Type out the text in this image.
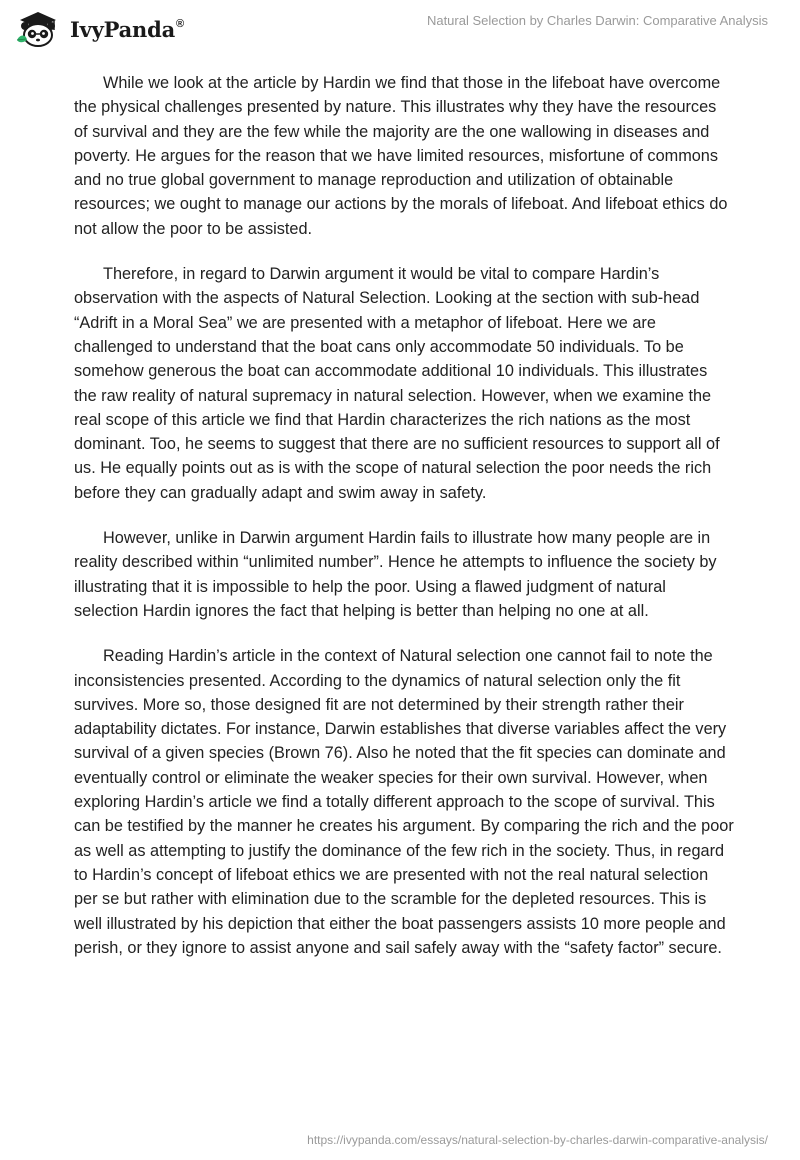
IvyPanda®	Natural Selection by Charles Darwin: Comparative Analysis

While we look at the article by Hardin we find that those in the lifeboat have overcome the physical challenges presented by nature. This illustrates why they have the resources of survival and they are the few while the majority are the one wallowing in diseases and poverty. He argues for the reason that we have limited resources, misfortune of commons and no true global government to manage reproduction and utilization of obtainable resources; we ought to manage our actions by the morals of lifeboat. And lifeboat ethics do not allow the poor to be assisted.

Therefore, in regard to Darwin argument it would be vital to compare Hardin’s observation with the aspects of Natural Selection. Looking at the section with sub-head “Adrift in a Moral Sea” we are presented with a metaphor of lifeboat. Here we are challenged to understand that the boat cans only accommodate 50 individuals. To be somehow generous the boat can accommodate additional 10 individuals. This illustrates the raw reality of natural supremacy in natural selection. However, when we examine the real scope of this article we find that Hardin characterizes the rich nations as the most dominant. Too, he seems to suggest that there are no sufficient resources to support all of us. He equally points out as is with the scope of natural selection the poor needs the rich before they can gradually adapt and swim away in safety.

However, unlike in Darwin argument Hardin fails to illustrate how many people are in reality described within “unlimited number”. Hence he attempts to influence the society by illustrating that it is impossible to help the poor. Using a flawed judgment of natural selection Hardin ignores the fact that helping is better than helping no one at all.

Reading Hardin’s article in the context of Natural selection one cannot fail to note the inconsistencies presented. According to the dynamics of natural selection only the fit survives. More so, those designed fit are not determined by their strength rather their adaptability dictates. For instance, Darwin establishes that diverse variables affect the very survival of a given species (Brown 76). Also he noted that the fit species can dominate and eventually control or eliminate the weaker species for their own survival. However, when exploring Hardin’s article we find a totally different approach to the scope of survival. This can be testified by the manner he creates his argument. By comparing the rich and the poor as well as attempting to justify the dominance of the few rich in the society. Thus, in regard to Hardin’s concept of lifeboat ethics we are presented with not the real natural selection per se but rather with elimination due to the scramble for the depleted resources. This is well illustrated by his depiction that either the boat passengers assists 10 more people and perish, or they ignore to assist anyone and sail safely away with the “safety factor” secure.

https://ivypanda.com/essays/natural-selection-by-charles-darwin-comparative-analysis/
